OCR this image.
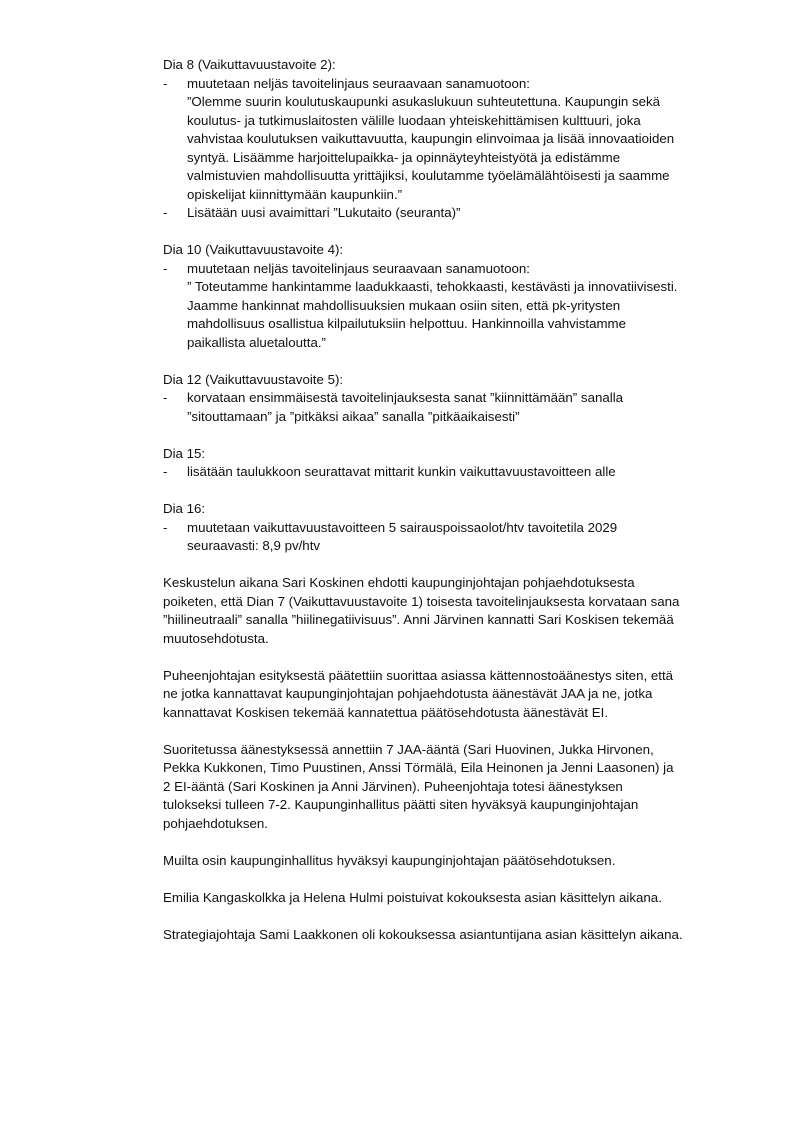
Dia 8 (Vaikuttavuustavoite 2):

- muutetaan neljäs tavoitelinjaus seuraavaan sanamuotoon:
”Olemme suurin koulutuskaupunki asukaslukuun suhteutettuna. Kaupungin sekä
koulutus- ja tutkimuslaitosten välille luodaan yhteiskehittämisen kulttuuri, joka
vahvistaa koulutuksen vaikuttavuutta, kaupungin elinvoimaa ja lisää innovaatioiden
syntyä. Lisäämme harjoittelupaikka- ja opinnäyteyhteistyötä ja edistämme
valmistuvien mahdollisuutta yrittäjiksi, koulutamme työelämälähtöisesti ja saamme
opiskelijat kiinnittymään kaupunkiin.”
- Lisätään uusi avaimittari ”Lukutaito (seuranta)”

Dia 10 (Vaikuttavuustavoite 4):

- muutetaan neljäs tavoitelinjaus seuraavaan sanamuotoon:
” Toteutamme hankintamme laadukkaasti, tehokkaasti, kestävästi ja innovatiivisesti.
Jaamme hankinnat mahdollisuuksien mukaan osiin siten, että pk-yritysten
mahdollisuus osallistua kilpailutuksiin helpottuu. Hankinnoilla vahvistamme
paikallista aluetaloutta.”

Dia 12 (Vaikuttavuustavoite 5):

- korvataan ensimmäisestä tavoitelinjauksesta sanat ”kiinnittämään” sanalla
”sitouttamaan” ja ”pitkäksi aikaa” sanalla ”pitkäaikaisesti”

Dia 15:

- lisätään taulukkoon seurattavat mittarit kunkin vaikuttavuustavoitteen alle

Dia 16:

- muutetaan vaikuttavuustavoitteen 5 sairauspoissaolot/htv tavoitetila 2029
seuraavasti: 8,9 pv/htv
Keskustelun aikana Sari Koskinen ehdotti kaupunginjohtajan pohjaehdotuksesta
poiketen, että Dian 7 (Vaikuttavuustavoite 1) toisesta tavoitelinjauksesta korvataan sana
”hiilineutraali” sanalla ”hiilinegatiivisuus”. Anni Järvinen kannatti Sari Koskisen tekemää
muutosehdotusta.
Puheenjohtajan esityksestä päätettiin suorittaa asiassa kättennostoäänestys siten, että
ne jotka kannattavat kaupunginjohtajan pohjaehdotusta äänestävät JAA ja ne, jotka
kannattavat Koskisen tekemää kannatettua päätösehdotusta äänestävät EI.
Suoritetussa äänestyksessä annettiin 7 JAA-ääntä (Sari Huovinen, Jukka Hirvonen,
Pekka Kukkonen, Timo Puustinen, Anssi Törmälä, Eila Heinonen ja Jenni Laasonen) ja
2 EI-ääntä (Sari Koskinen ja Anni Järvinen). Puheenjohtaja totesi äänestyksen
tulokseksi tulleen 7-2. Kaupunginhallitus päätti siten hyväksyä kaupunginjohtajan
pohjaehdotuksen.

Muilta osin kaupunginhallitus hyväksyi kaupunginjohtajan päätösehdotuksen.

Emilia Kangaskolkka ja Helena Hulmi poistuivat kokouksesta asian käsittelyn aikana.

Strategiajohtaja Sami Laakkonen oli kokouksessa asiantuntijana asian käsittelyn aikana.
